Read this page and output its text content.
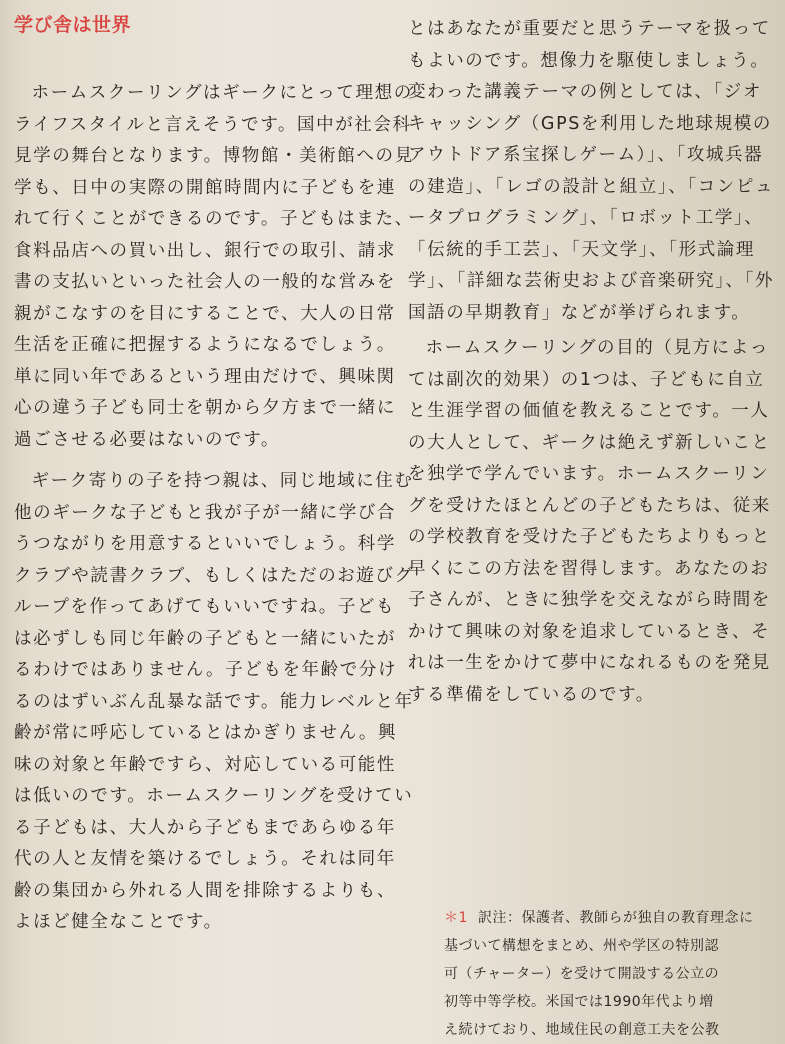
学び舎は世界

ホームスクーリングはギークにとって理想のライフスタイルと言えそうです。国中が社会科見学の舞台となります。博物館・美術館への見学も、日中の実際の開館時間内に子どもを連れて行くことができるのです。子どもはまた、食料品店への買い出し、銀行での取引、請求書の支払いといった社会人の一般的な営みを親がこなすのを目にすることで、大人の日常生活を正確に把握するようになるでしょう。単に同い年であるという理由だけで、興味関心の違う子ども同士を朝から夕方まで一緒に過ごさせる必要はないのです。

ギーク寄りの子を持つ親は、同じ地域に住む他のギークな子どもと我が子が一緒に学び合うつながりを用意するといいでしょう。科学クラブや読書クラブ、もしくはただのお遊びグループを作ってあげてもいいですね。子どもは必ずしも同じ年齢の子どもと一緒にいたがるわけではありません。子どもを年齢で分けるのはずいぶん乱暴な話です。能力レベルと年齢が常に呼応しているとはかぎりません。興味の対象と年齢ですら、対応している可能性は低いのです。ホームスクーリングを受けている子どもは、大人から子どもまであらゆる年代の人と友情を築けるでしょう。それは同年齢の集団から外れる人間を排除するよりも、よほど健全なことです。

とはあなたが重要だと思うテーマを扱ってもよいのです。想像力を駆使しましょう。変わった講義テーマの例としては、「ジオキャッシング（GPSを利用した地球規模のアウトドア系宝探しゲーム）」、「攻城兵器の建造」、「レゴの設計と組立」、「コンピュータプログラミング」、「ロボット工学」、「伝統的手工芸」、「天文学」、「形式論理学」、「詳細な芸術史および音楽研究」、「外国語の早期教育」などが挙げられます。

ホームスクーリングの目的（見方によっては副次的効果）の1つは、子どもに自立と生涯学習の価値を教えることです。一人の大人として、ギークは絶えず新しいことを独学で学んでいます。ホームスクーリングを受けたほとんどの子どもたちは、従来の学校教育を受けた子どもたちよりもっと早くにこの方法を習得します。あなたのお子さんが、ときに独学を交えながら時間をかけて興味の対象を追求しているとき、それは一生をかけて夢中になれるものを発見する準備をしているのです。

＊1 訳注：保護者、教師らが独自の教育理念に

基づいて構想をまとめ、州や学区の特別認

可（チャーター）を受けて開設する公立の

初等中等学校。米国では1990年代より増

え続けており、地域住民の創意工夫を公教
